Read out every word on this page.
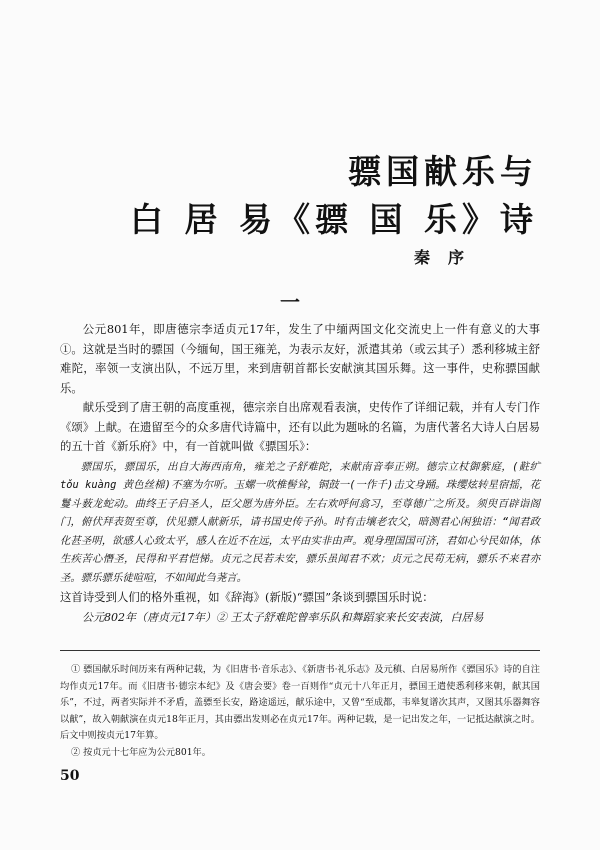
骠国献乐与
白 居 易《骠 国 乐》诗
秦序
一

公元801年，即唐德宗李适贞元17年，发生了中缅两国文化交流史上一件有意义的大事①。这就是当时的骠国（今缅甸，国王雍羌，为表示友好，派遣其弟（或云其子）悉利移城主舒难陀，率领一支演出队，不远万里，来到唐朝首都长安献演其国乐舞。这一事件，史称骠国献乐。

献乐受到了唐王朝的高度重视，德宗亲自出席观看表演，史传作了详细记载，并有人专门作《颂》上献。在遗留至今的众多唐代诗篇中，还有以此为题咏的名篇，为唐代著名大诗人白居易的五十首《新乐府》中，有一首就叫做《骠国乐》：

骠国乐，骠国乐，出自大海西南角，雍羌之子舒难陀，来献南音奉正朔。德宗立杖御紫庭，(黈纩tǒu kuàng 黄色丝棉)不塞为尔听。玉螺一吹椎髻耸，铜鼓一(一作千)击文身踊。珠缨炫转星宿摇，花鬘斗薮龙蛇动。曲终王子启圣人，臣父愿为唐外臣。左右欢呼何翕习，至尊德广之所及。须臾百辟诣阁门，俯伏拜表贺至尊，伏见骠人献新乐，请书国史传子孙。时有击壤老农父，暗测君心闲独语：“闻君政化甚圣明，欲感人心致太平，感人在近不在远，太平由实非由声。观身理国国可济，君如心兮民如体，体生疾苦心憯圣，民得和平君恺悌。贞元之民若未安，骠乐虽闻君不欢；贞元之民苟无病，骠乐不来君亦圣。骠乐骠乐徒喧喧，不如闻此刍荛言。

这首诗受到人们的格外重视，如《辞海》(新版)“骠国”条谈到骠国乐时说：

公元802年（唐贞元17年）② 王太子舒难陀曾率乐队和舞蹈家来长安表演，白居易

① 骠国献乐时间历来有两种记载，为《旧唐书·音乐志》、《新唐书·礼乐志》及元稹、白居易所作《骠国乐》诗的自注均作贞元17年。而《旧唐书·德宗本纪》及《唐会要》卷一百则作“贞元十八年正月，骠国王遣使悉利移来朝，献其国乐”，不过，两者实际并不矛盾，盖骠至长安，路途遥远，献乐途中，又曾“至成都，韦皋复谱次其声，又图其乐器舞容以献”，故入朝献演在贞元18年正月，其由骠出发则必在贞元17年。两种记载，是一记出发之年，一记抵达献演之时。后文中则按贞元17年算。

② 按贞元十七年应为公元801年。

50
